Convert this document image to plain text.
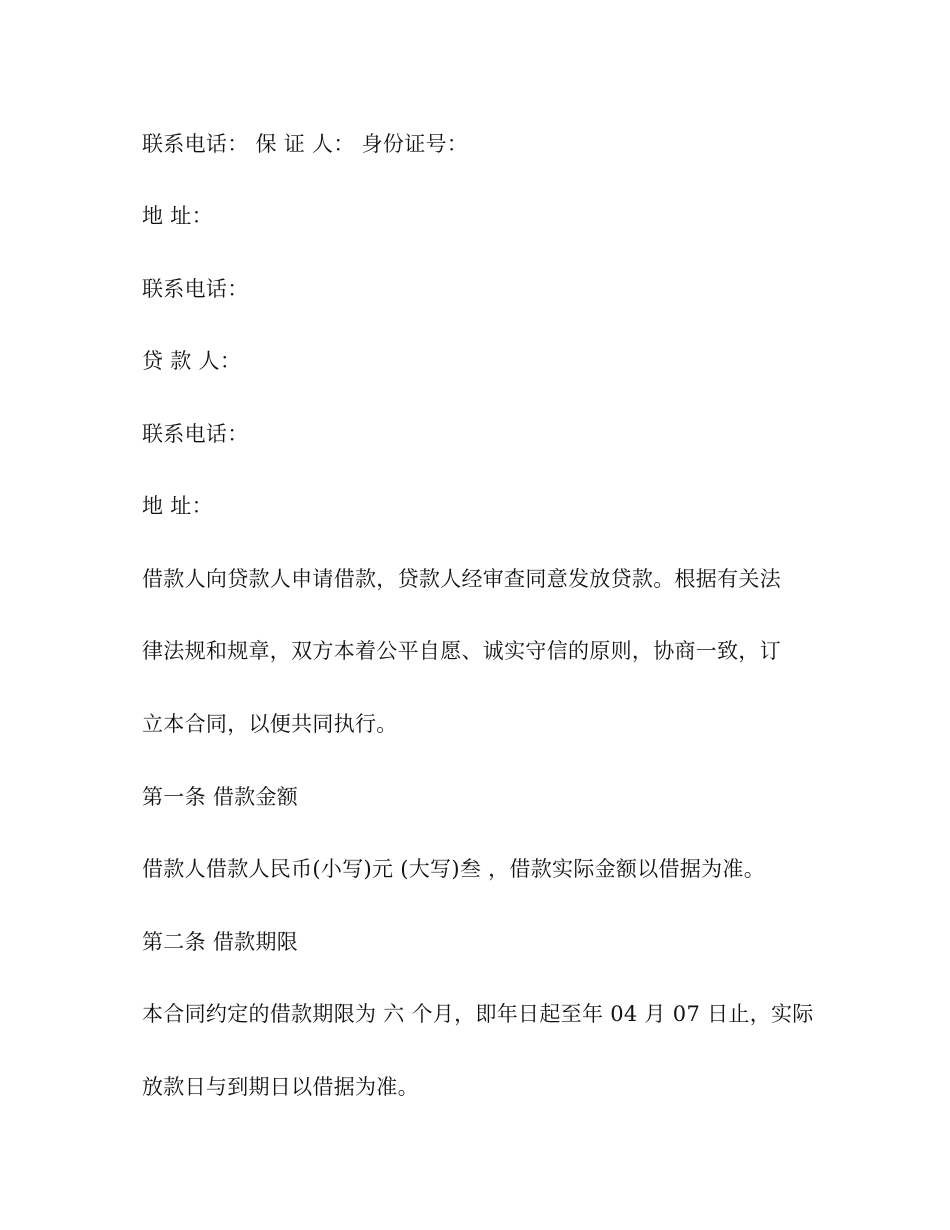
联系电话： 保 证 人： 身份证号：
地 址：
联系电话：
贷 款 人：
联系电话：
地 址：
借款人向贷款人申请借款，贷款人经审查同意发放贷款。根据有关法
律法规和规章，双方本着公平自愿、诚实守信的原则，协商一致，订
立本合同，以便共同执行。
第一条 借款金额
借款人借款人民币(小写)元 (大写)叁 ，借款实际金额以借据为准。
第二条 借款期限
本合同约定的借款期限为 六 个月，即年日起至年 04 月 07 日止，实际
放款日与到期日以借据为准。
